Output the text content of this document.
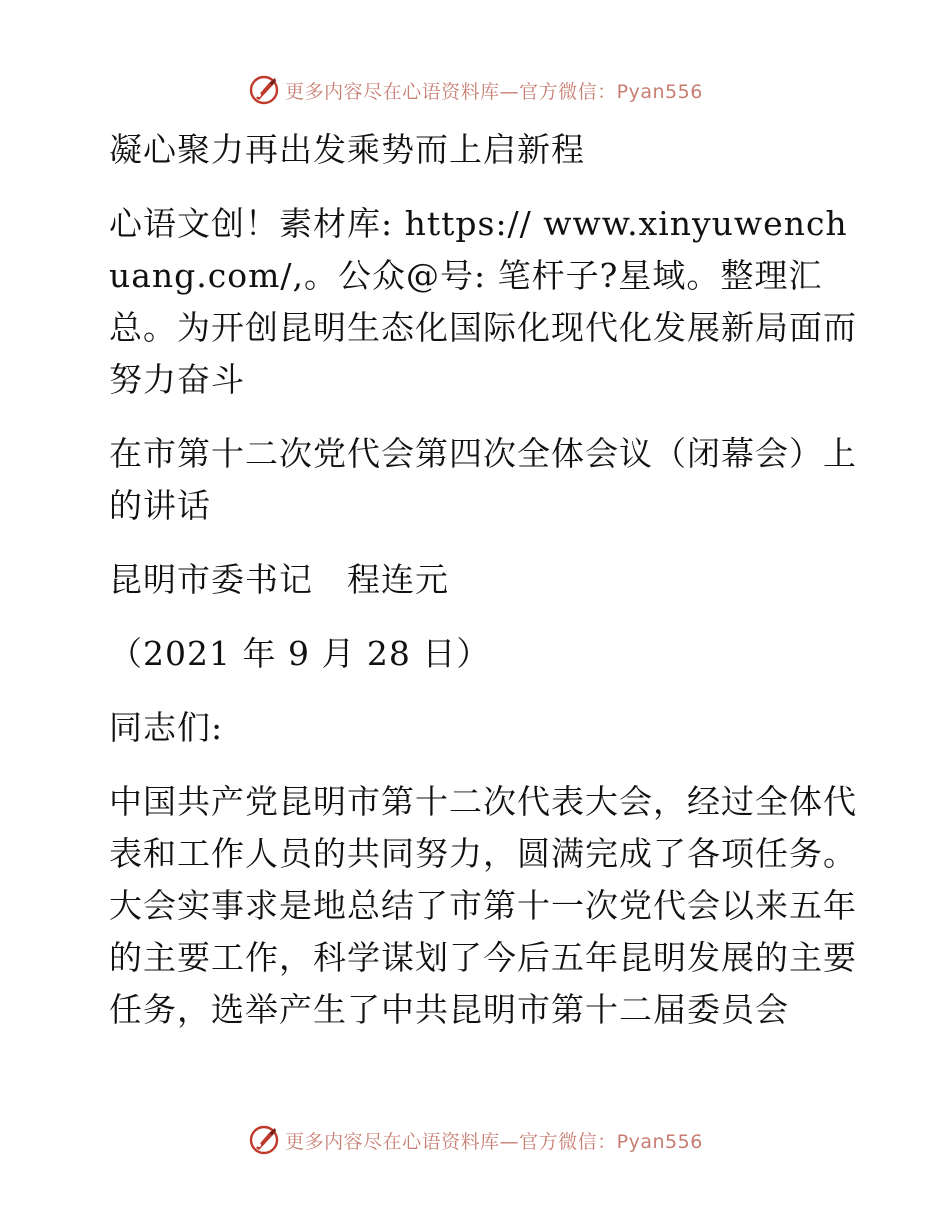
更多内容尽在心语资料库—官方微信：Pyan556
凝心聚力再出发乘势而上启新程
心语文创！素材库: https:// www.xinyuwenchuang.com/,。公众@号: 笔杆子?星域。整理汇总。为开创昆明生态化国际化现代化发展新局面而努力奋斗
在市第十二次党代会第四次全体会议（闭幕会）上的讲话
昆明市委书记　程连元
（2021 年 9 月 28 日）
同志们:
中国共产党昆明市第十二次代表大会，经过全体代表和工作人员的共同努力，圆满完成了各项任务。大会实事求是地总结了市第十一次党代会以来五年的主要工作，科学谋划了今后五年昆明发展的主要任务，选举产生了中共昆明市第十二届委员会
更多内容尽在心语资料库—官方微信：Pyan556
